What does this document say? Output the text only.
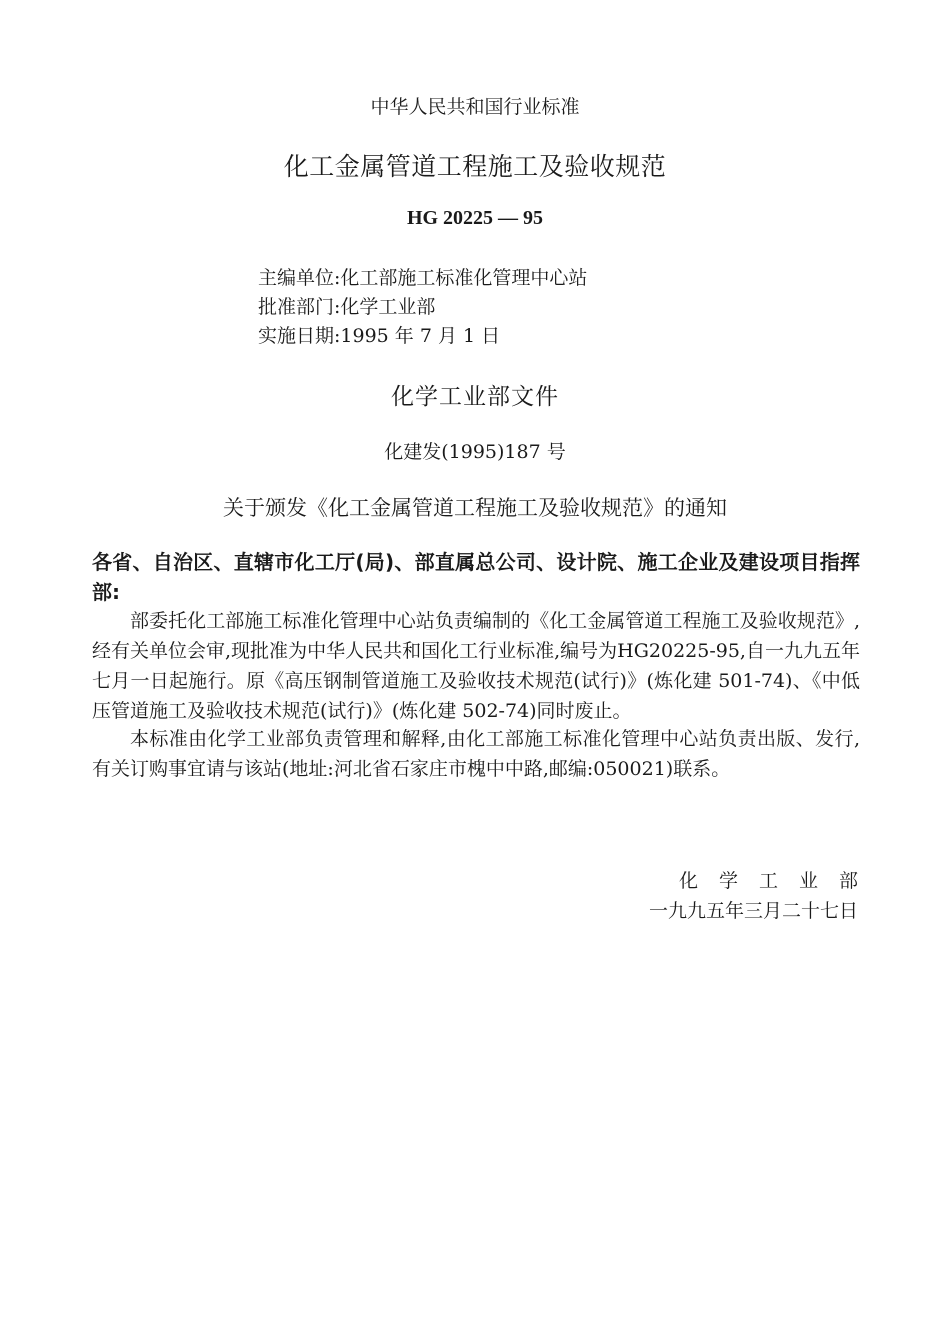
中华人民共和国行业标准
化工金属管道工程施工及验收规范
HG 20225 — 95
主编单位:化工部施工标准化管理中心站
批准部门:化学工业部
实施日期:1995 年 7 月 1 日
化学工业部文件
化建发(1995)187 号
关于颁发《化工金属管道工程施工及验收规范》的通知
各省、自治区、直辖市化工厅(局)、部直属总公司、设计院、施工企业及建设项目指挥部:
部委托化工部施工标准化管理中心站负责编制的《化工金属管道工程施工及验收规范》,经有关单位会审,现批准为中华人民共和国化工行业标准,编号为HG20225-95,自一九九五年七月一日起施行。原《高压钢制管道施工及验收技术规范(试行)》(炼化建 501-74)、《中低压管道施工及验收技术规范(试行)》(炼化建 502-74)同时废止。
本标准由化学工业部负责管理和解释,由化工部施工标准化管理中心站负责出版、发行,有关订购事宜请与该站(地址:河北省石家庄市槐中中路,邮编:050021)联系。
化学工业部
一九九五年三月二十七日
